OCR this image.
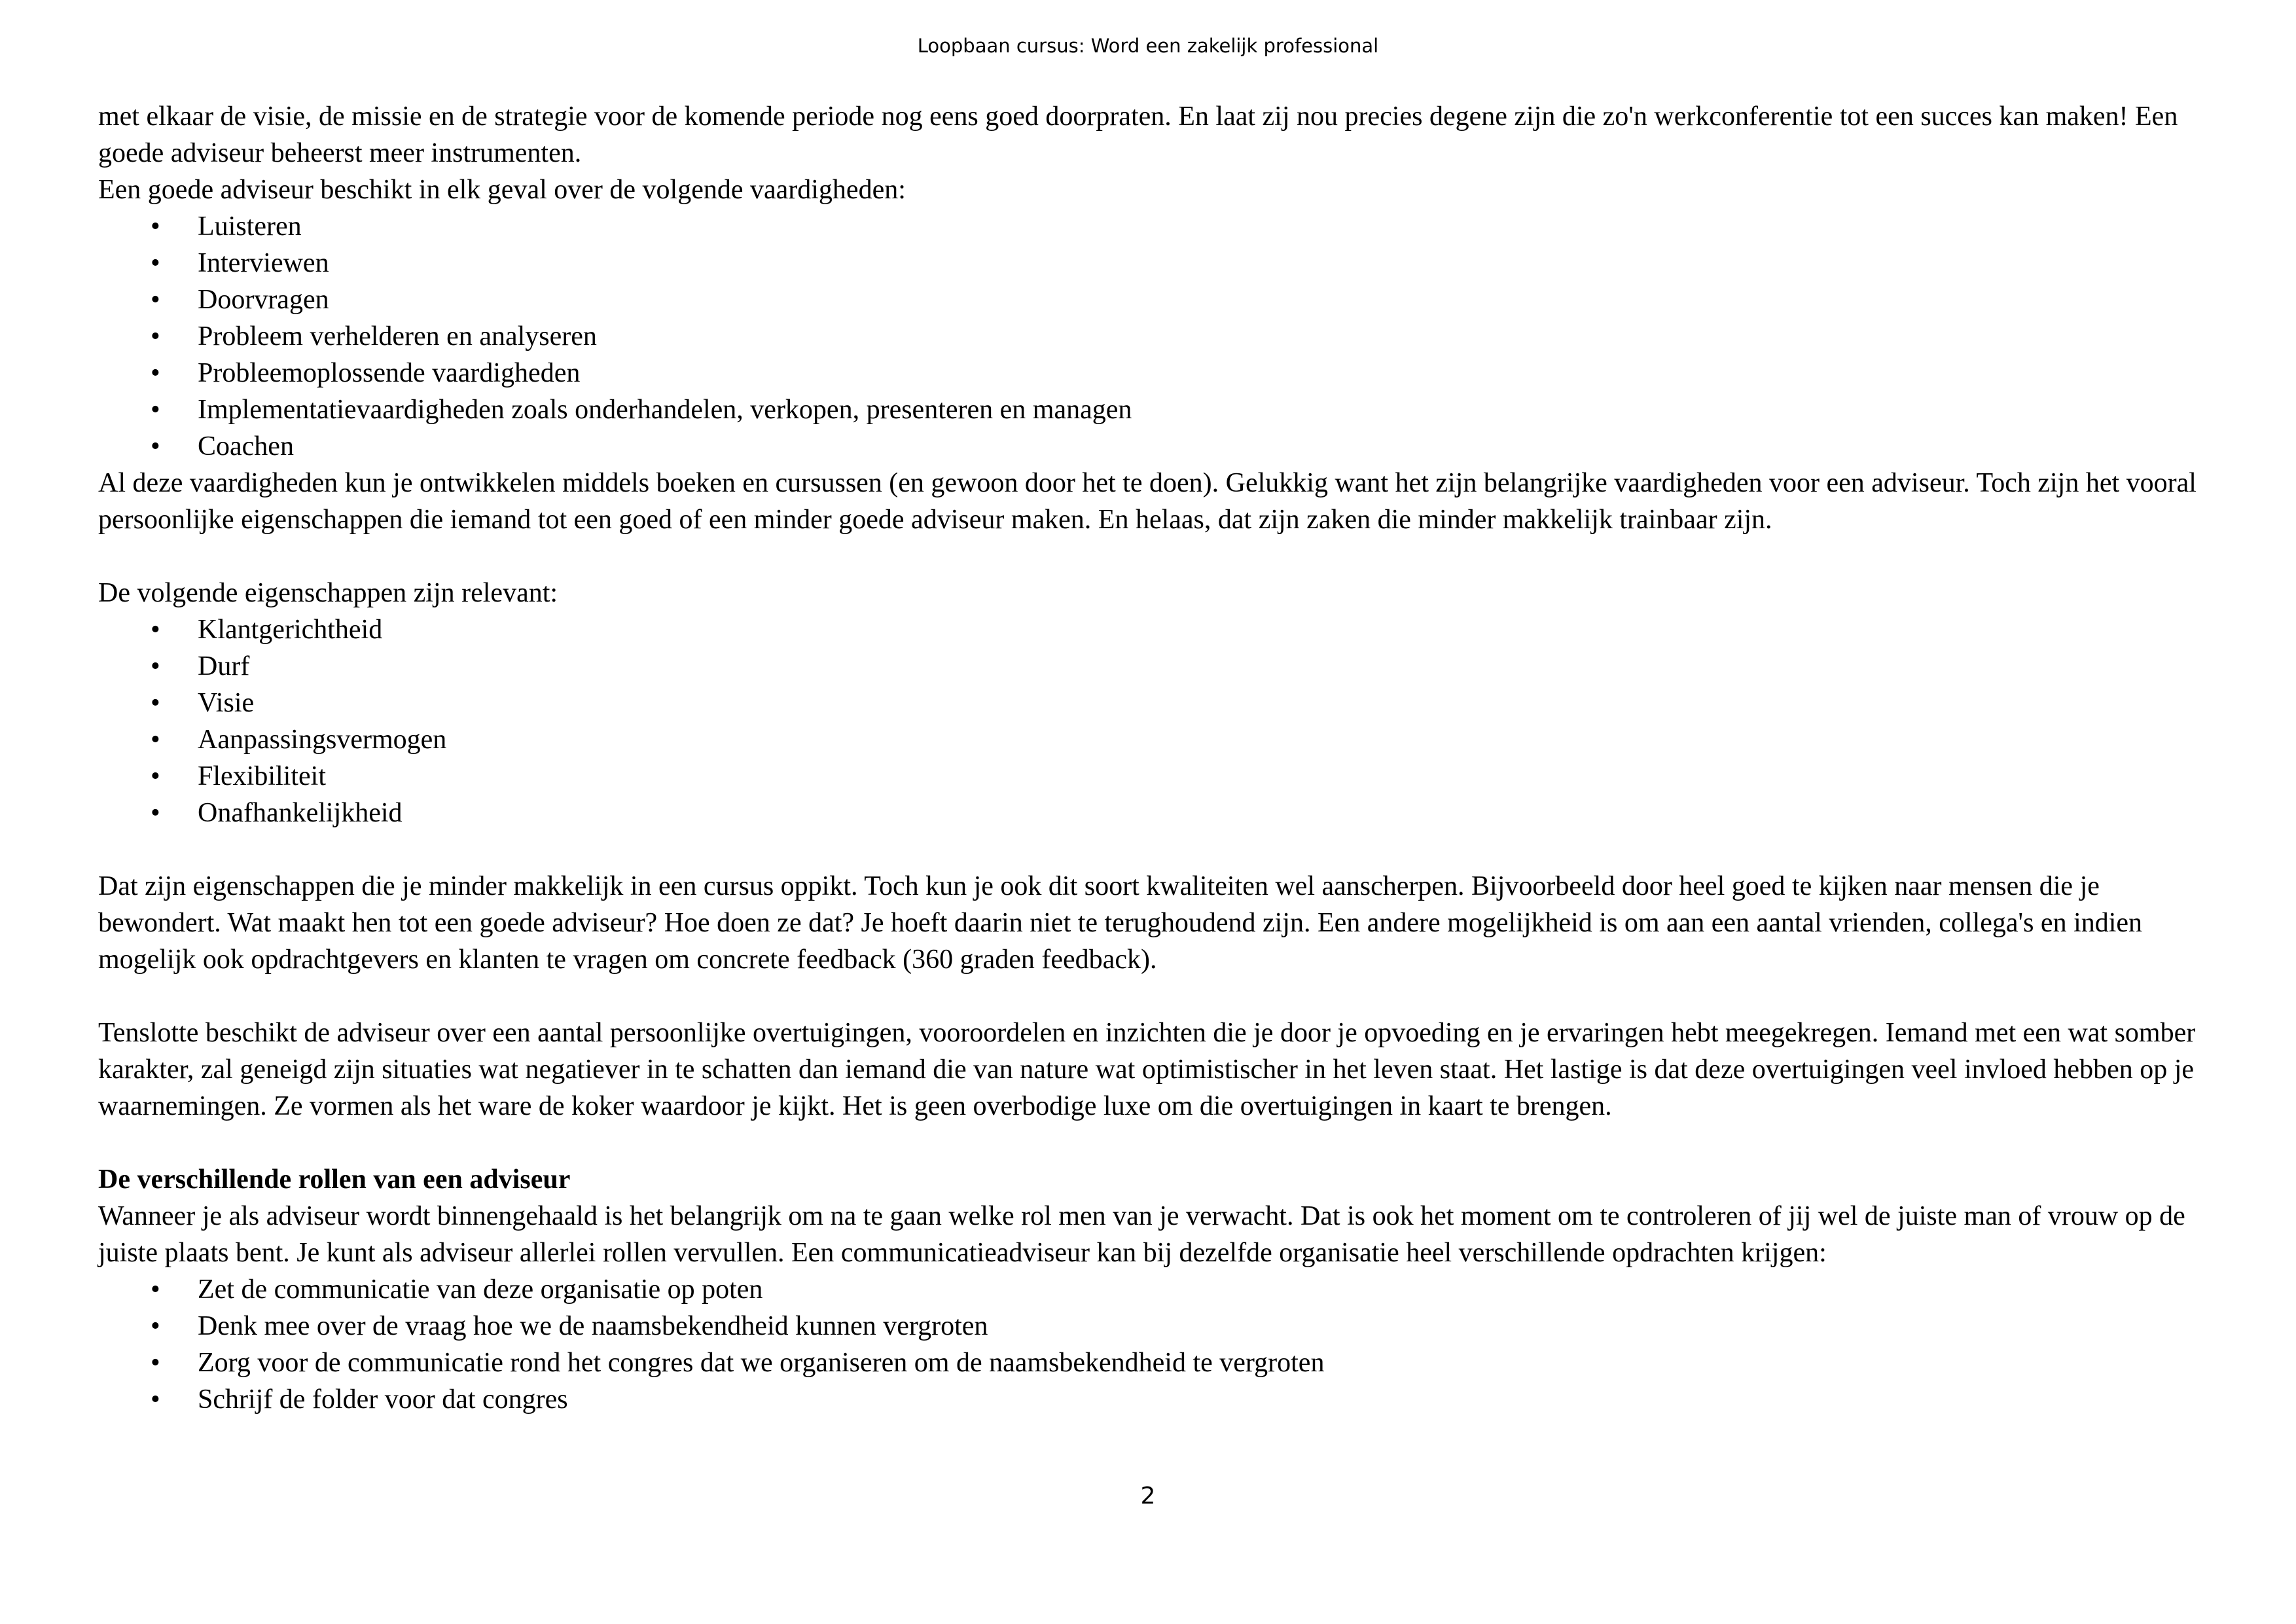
Loopbaan cursus: Word een zakelijk professional

met elkaar de visie, de missie en de strategie voor de komende periode nog eens goed doorpraten. En laat zij nou precies degene zijn die zo'n werkconferentie tot een succes kan maken! Een goede adviseur beheerst meer instrumenten.

Een goede adviseur beschikt in elk geval over de volgende vaardigheden:

• Luisteren
• Interviewen
• Doorvragen
• Probleem verhelderen en analyseren
• Probleemoplossende vaardigheden
• Implementatievaardigheden zoals onderhandelen, verkopen, presenteren en managen
• Coachen

Al deze vaardigheden kun je ontwikkelen middels boeken en cursussen (en gewoon door het te doen). Gelukkig want het zijn belangrijke vaardigheden voor een adviseur. Toch zijn het vooral persoonlijke eigenschappen die iemand tot een goed of een minder goede adviseur maken. En helaas, dat zijn zaken die minder makkelijk trainbaar zijn.

De volgende eigenschappen zijn relevant:

• Klantgerichtheid
• Durf
• Visie
• Aanpassingsvermogen
• Flexibiliteit
• Onafhankelijkheid

Dat zijn eigenschappen die je minder makkelijk in een cursus oppikt. Toch kun je ook dit soort kwaliteiten wel aanscherpen. Bijvoorbeeld door heel goed te kijken naar mensen die je bewondert. Wat maakt hen tot een goede adviseur? Hoe doen ze dat? Je hoeft daarin niet te terughoudend zijn. Een andere mogelijkheid is om aan een aantal vrienden, collega's en indien mogelijk ook opdrachtgevers en klanten te vragen om concrete feedback (360 graden feedback).

Tenslotte beschikt de adviseur over een aantal persoonlijke overtuigingen, vooroordelen en inzichten die je door je opvoeding en je ervaringen hebt meegekregen. Iemand met een wat somber karakter, zal geneigd zijn situaties wat negatiever in te schatten dan iemand die van nature wat optimistischer in het leven staat. Het lastige is dat deze overtuigingen veel invloed hebben op je waarnemingen. Ze vormen als het ware de koker waardoor je kijkt. Het is geen overbodige luxe om die overtuigingen in kaart te brengen.

De verschillende rollen van een adviseur

Wanneer je als adviseur wordt binnengehaald is het belangrijk om na te gaan welke rol men van je verwacht. Dat is ook het moment om te controleren of jij wel de juiste man of vrouw op de juiste plaats bent. Je kunt als adviseur allerlei rollen vervullen. Een communicatieadviseur kan bij dezelfde organisatie heel verschillende opdrachten krijgen:

• Zet de communicatie van deze organisatie op poten
• Denk mee over de vraag hoe we de naamsbekendheid kunnen vergroten
• Zorg voor de communicatie rond het congres dat we organiseren om de naamsbekendheid te vergroten
• Schrijf de folder voor dat congres
2
